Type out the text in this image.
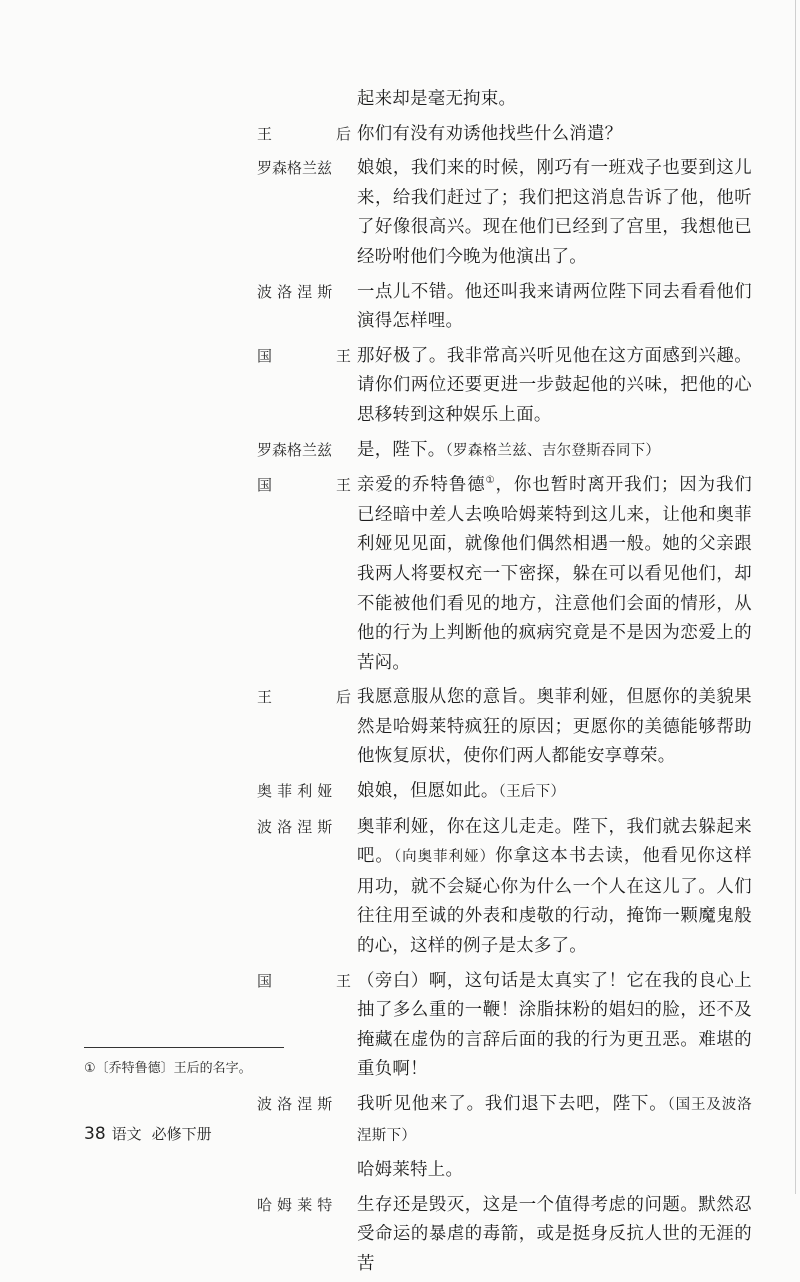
起来却是毫无拘束。
王	后 你们有没有劝诱他找些什么消遣？
罗森格兰兹	娘娘，我们来的时候，刚巧有一班戏子也要到这儿来，给我们赶过了；我们把这消息告诉了他，他听了好像很高兴。现在他们已经到了宫里，我想他已经吩咐他们今晚为他演出了。
波洛涅斯	一点儿不错。他还叫我来请两位陛下同去看看他们演得怎样哩。
国	王 那好极了。我非常高兴听见他在这方面感到兴趣。请你们两位还要更进一步鼓起他的兴味，把他的心思移转到这种娱乐上面。
罗森格兰兹	是，陛下。（罗森格兰兹、吉尔登斯吞同下）
国	王 亲爱的乔特鲁德①，你也暂时离开我们；因为我们已经暗中差人去唤哈姆莱特到这儿来，让他和奥菲利娅见见面，就像他们偶然相遇一般。她的父亲跟我两人将要权充一下密探，躲在可以看见他们，却不能被他们看见的地方，注意他们会面的情形，从他的行为上判断他的疯病究竟是不是因为恋爱上的苦闷。
王	后 我愿意服从您的意旨。奥菲利娅，但愿你的美貌果然是哈姆莱特疯狂的原因；更愿你的美德能够帮助他恢复原状，使你们两人都能安享尊荣。
奥菲利娅	娘娘，但愿如此。（王后下）
波洛涅斯	奥菲利娅，你在这儿走走。陛下，我们就去躲起来吧。（向奥菲利娅）你拿这本书去读，他看见你这样用功，就不会疑心你为什么一个人在这儿了。人们往往用至诚的外表和虔敬的行动，掩饰一颗魔鬼般的心，这样的例子是太多了。
国	王 （旁白）啊，这句话是太真实了！它在我的良心上抽了多么重的一鞭！涂脂抹粉的娼妇的脸，还不及掩藏在虚伪的言辞后面的我的行为更丑恶。难堪的重负啊！
波洛涅斯	我听见他来了。我们退下去吧，陛下。（国王及波洛涅斯下）
哈姆莱特上。
哈姆莱特	生存还是毁灭，这是一个值得考虑的问题。默然忍受命运的暴虐的毒箭，或是挺身反抗人世的无涯的苦
①〔乔特鲁德〕王后的名字。
38 语文 必修下册
